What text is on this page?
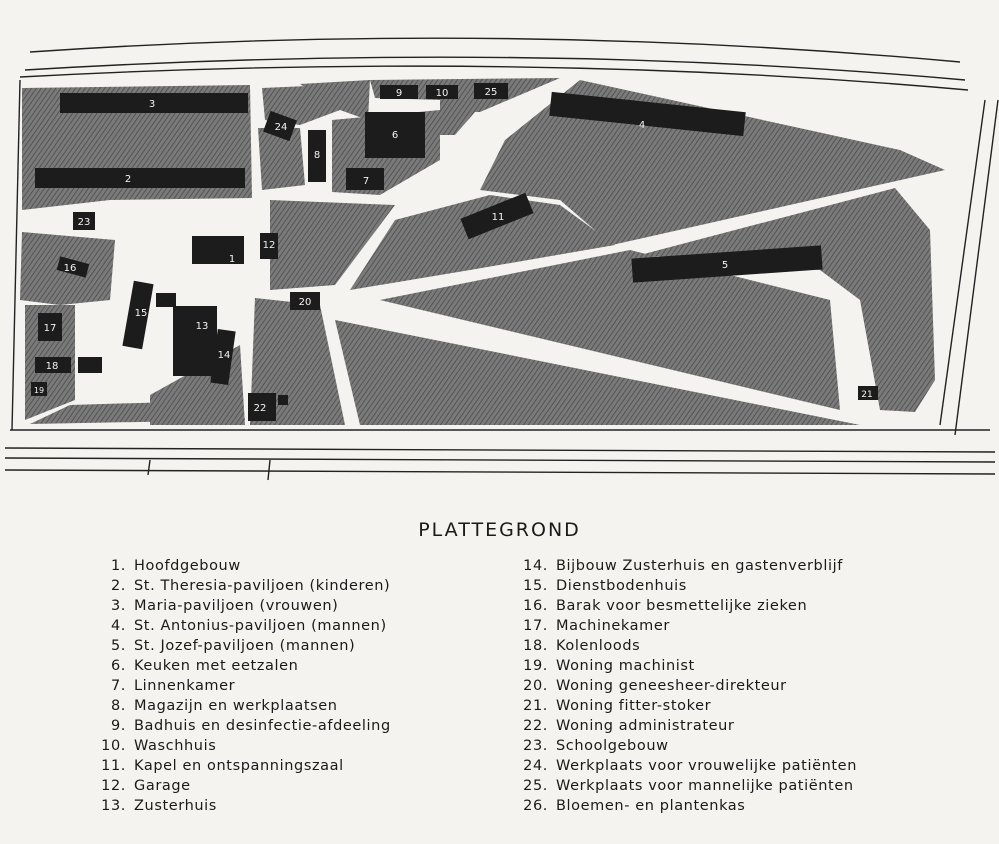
3
2
23
16
17
18
19
15
26
13
14
1
12
24
8
7
6
9	10	25
20
22
11
4
5
21
PLATTEGROND
1. Hoofdgebouw
2. St. Theresia-paviljoen (kinderen)
3. Maria-paviljoen (vrouwen)
4. St. Antonius-paviljoen (mannen)
5. St. Jozef-paviljoen (mannen)
6. Keuken met eetzalen
7. Linnenkamer
8. Magazijn en werkplaatsen
9. Badhuis en desinfectie-afdeeling
10. Waschhuis
11. Kapel en ontspanningszaal
12. Garage
13. Zusterhuis
14. Bijbouw Zusterhuis en gastenverblijf
15. Dienstbodenhuis
16. Barak voor besmettelijke zieken
17. Machinekamer
18. Kolenloods
19. Woning machinist
20. Woning geneesheer-direkteur
21. Woning fitter-stoker
22. Woning administrateur
23. Schoolgebouw
24. Werkplaats voor vrouwelijke patiënten
25. Werkplaats voor mannelijke patiënten
26. Bloemen- en plantenkas
